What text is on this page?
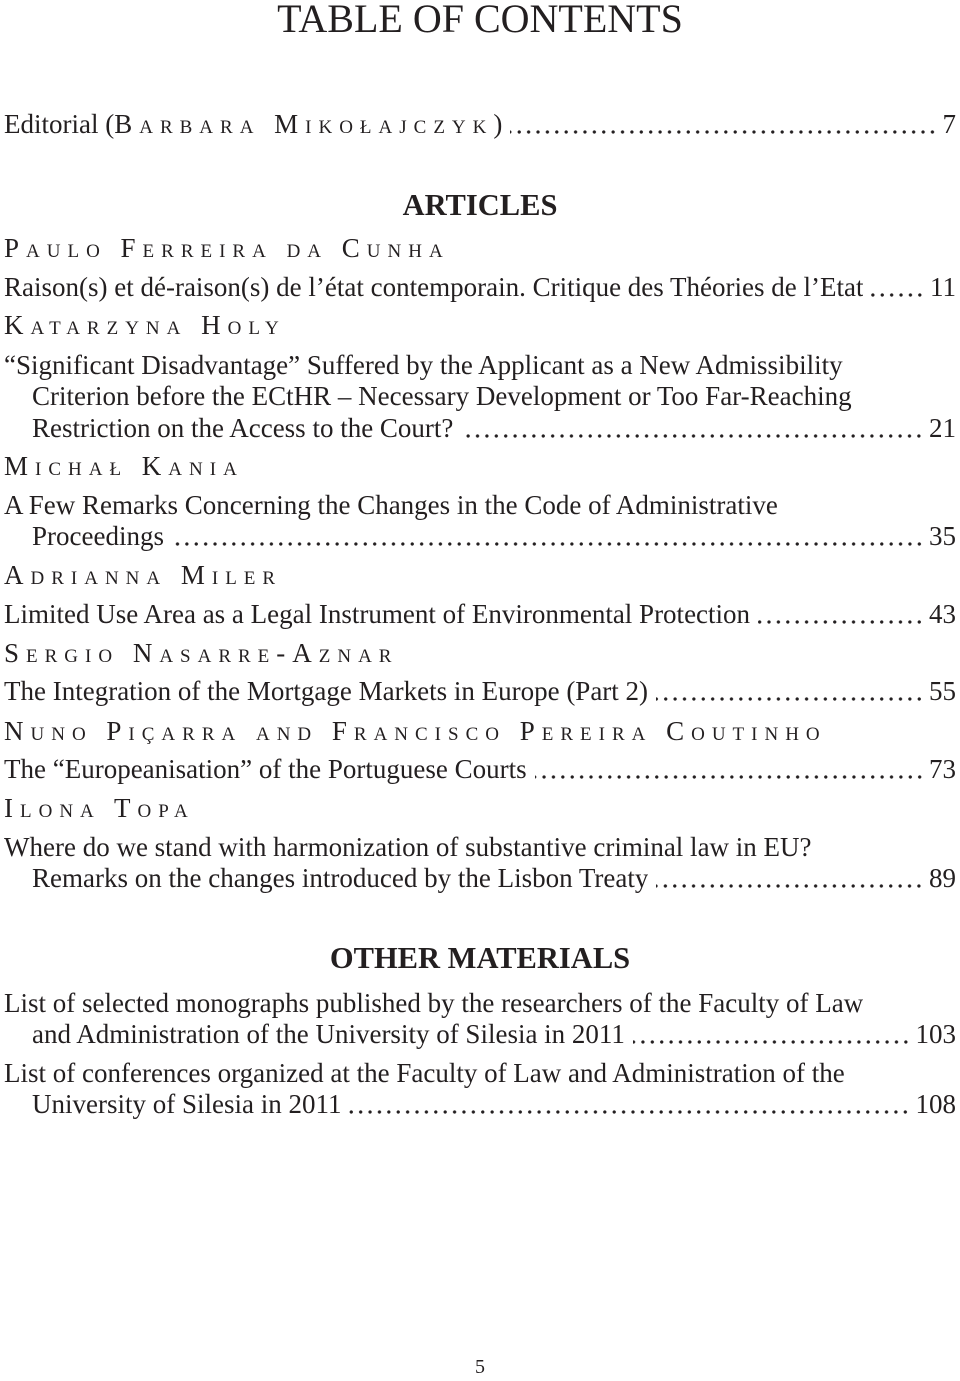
TABLE OF CONTENTS
Editorial (Barbara Mikołajczyk)	7
ARTICLES
Paulo Ferreira da Cunha
Raison(s) et dé-raison(s) de l’état contemporain. Critique des Théories de l’Etat 11
Katarzyna Holy
“Significant Disadvantage” Suffered by the Applicant as a New Admissibility
Criterion before the ECtHR – Necessary Development or Too Far-Reaching
Restriction on the Access to the Court?	21
Michał Kania
A Few Remarks Concerning the Changes in the Code of Administrative
Proceedings	35
Adrianna Miler
Limited Use Area as a Legal Instrument of Environmental Protection	43
Sergio Nasarre-Aznar
The Integration of the Mortgage Markets in Europe (Part 2)	55
Nuno Piçarra and Francisco Pereira Coutinho
The “Europeanisation” of the Portuguese Courts	73
Ilona Topa
Where do we stand with harmonization of substantive criminal law in EU?
Remarks on the changes introduced by the Lisbon Treaty	89
OTHER MATERIALS
List of selected monographs published by the researchers of the Faculty of Law
and Administration of the University of Silesia in 2011	103
List of conferences organized at the Faculty of Law and Administration of the
University of Silesia in 2011	108
5
